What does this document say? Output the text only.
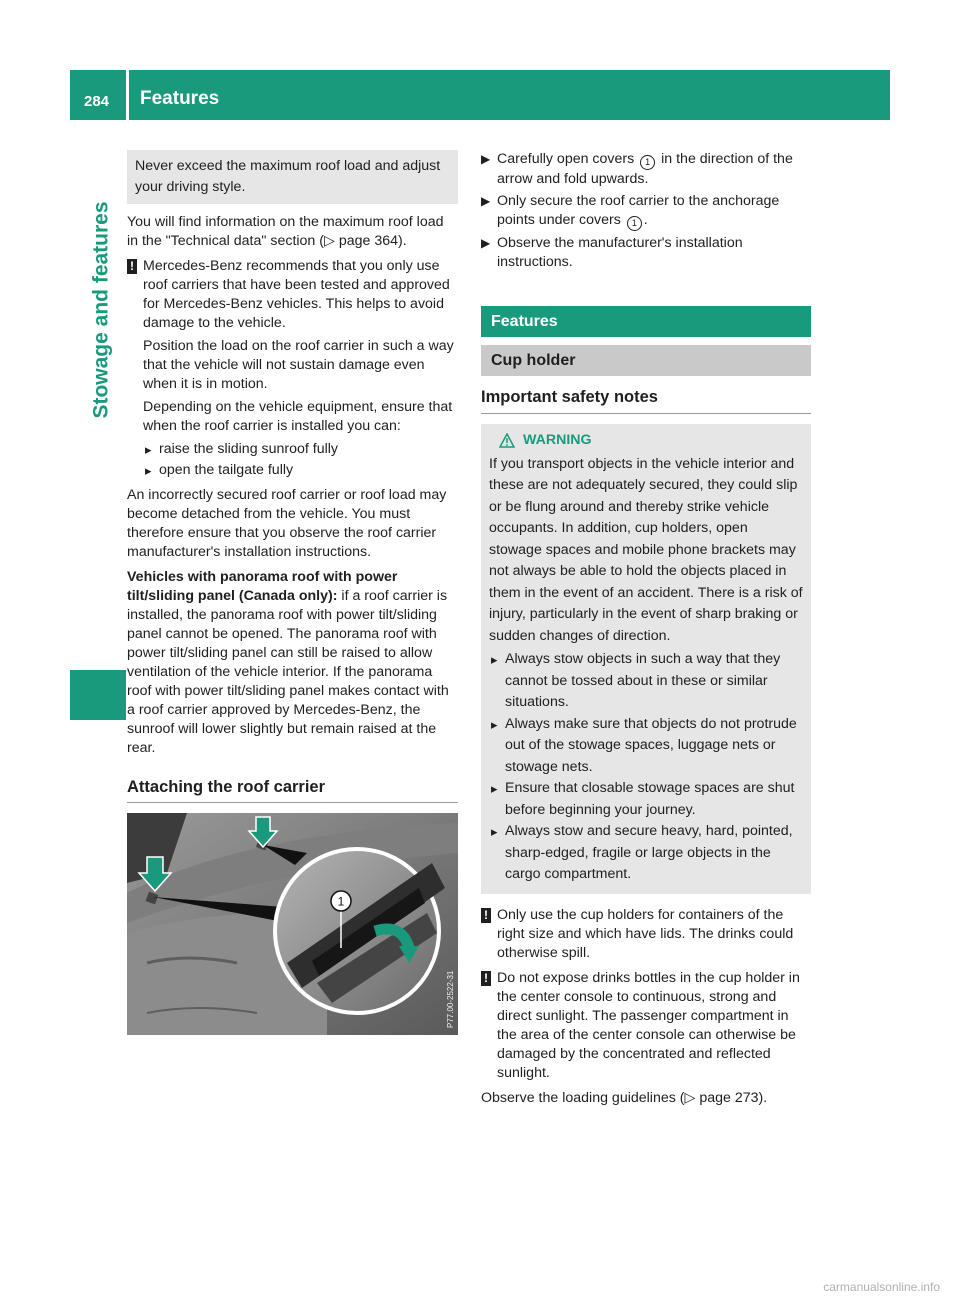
284 Features
Stowage and features
Never exceed the maximum roof load and adjust your driving style.

You will find information on the maximum roof load in the "Technical data" section (▷ page 364).

! Mercedes-Benz recommends that you only use roof carriers that have been tested and approved for Mercedes-Benz vehicles. This helps to avoid damage to the vehicle.

Position the load on the roof carrier in such a way that the vehicle will not sustain damage even when it is in motion.

Depending on the vehicle equipment, ensure that when the roof carrier is installed you can:

▸ raise the sliding sunroof fully
▸ open the tailgate fully

An incorrectly secured roof carrier or roof load may become detached from the vehicle. You must therefore ensure that you observe the roof carrier manufacturer's installation instructions.

Vehicles with panorama roof with power tilt/sliding panel (Canada only): if a roof carrier is installed, the panorama roof with power tilt/sliding panel cannot be opened. The panorama roof with power tilt/sliding panel can still be raised to allow ventilation of the vehicle interior. If the panorama roof with power tilt/sliding panel makes contact with a roof carrier approved by Mercedes-Benz, the sunroof will lower slightly but remain raised at the rear.

Attaching the roof carrier
1
P77.00-2522-31
▶ Carefully open covers 1 in the direction of the arrow and fold upwards.
▶ Only secure the roof carrier to the anchorage points under covers 1 .
▶ Observe the manufacturer's installation instructions.
Features
Cup holder
Important safety notes
WARNING

If you transport objects in the vehicle interior and these are not adequately secured, they could slip or be flung around and thereby strike vehicle occupants. In addition, cup holders, open stowage spaces and mobile phone brackets may not always be able to hold the objects placed in them in the event of an accident. There is a risk of injury, particularly in the event of sharp braking or sudden changes of direction.

▸ Always stow objects in such a way that they cannot be tossed about in these or similar situations.
▸ Always make sure that objects do not protrude out of the stowage spaces, luggage nets or stowage nets.
▸ Ensure that closable stowage spaces are shut before beginning your journey.
▸ Always stow and secure heavy, hard, pointed, sharp-edged, fragile or large objects in the cargo compartment.
! Only use the cup holders for containers of the right size and which have lids. The drinks could otherwise spill.

! Do not expose drinks bottles in the cup holder in the center console to continuous, strong and direct sunlight. The passenger compartment in the area of the center console can otherwise be damaged by the concentrated and reflected sunlight.

Observe the loading guidelines (▷ page 273).

carmanualsonline.info
